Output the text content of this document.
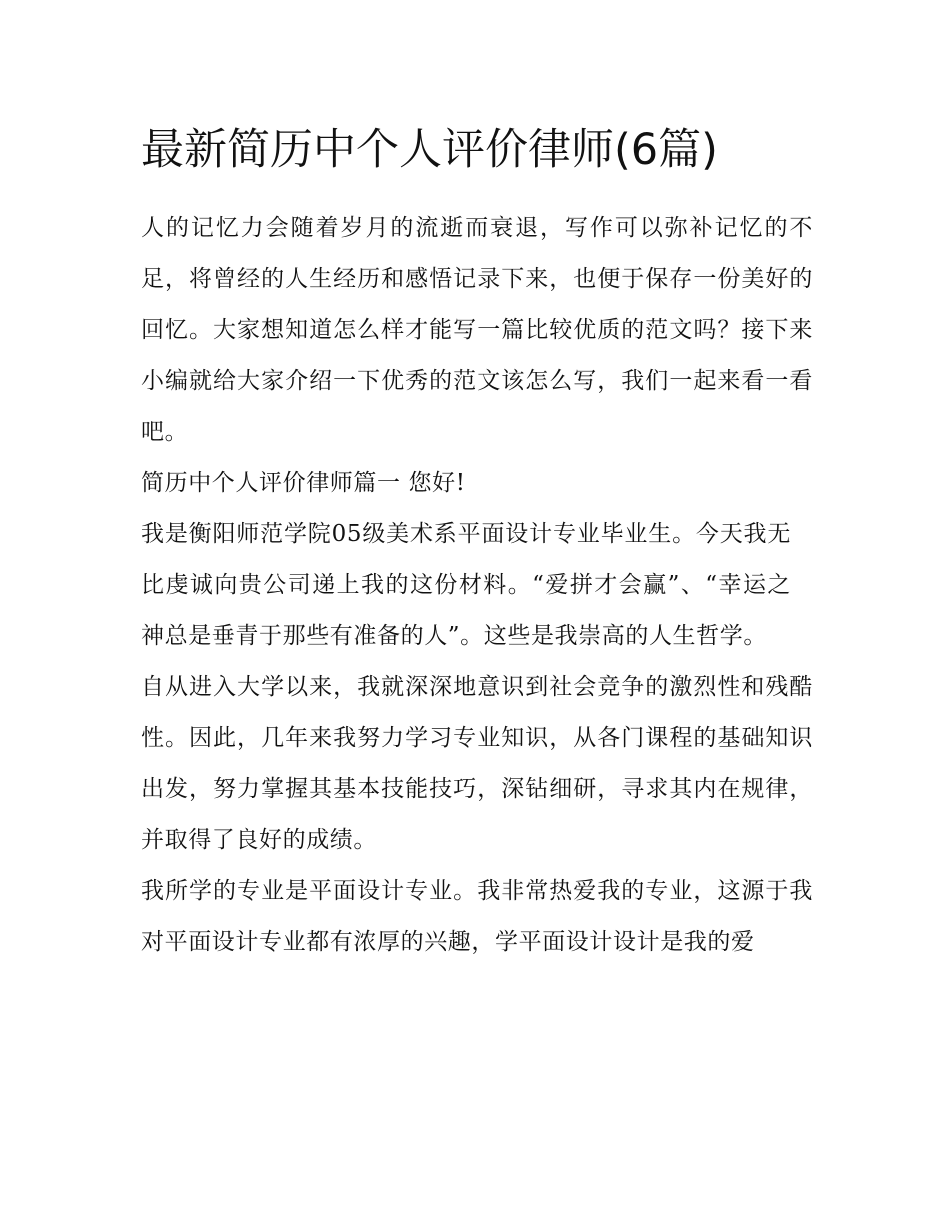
最新简历中个人评价律师(6篇)

人的记忆力会随着岁月的流逝而衰退，写作可以弥补记忆的不足，将曾经的人生经历和感悟记录下来，也便于保存一份美好的回忆。大家想知道怎么样才能写一篇比较优质的范文吗？接下来小编就给大家介绍一下优秀的范文该怎么写，我们一起来看一看吧。

简历中个人评价律师篇一 您好!

我是衡阳师范学院05级美术系平面设计专业毕业生。今天我无比虔诚向贵公司递上我的这份材料。“爱拼才会赢”、“幸运之神总是垂青于那些有准备的人”。这些是我崇高的人生哲学。

自从进入大学以来，我就深深地意识到社会竞争的激烈性和残酷性。因此，几年来我努力学习专业知识，从各门课程的基础知识出发，努力掌握其基本技能技巧，深钻细研，寻求其内在规律，并取得了良好的成绩。

我所学的专业是平面设计专业。我非常热爱我的专业，这源于我对平面设计专业都有浓厚的兴趣，学平面设计设计是我的爱
